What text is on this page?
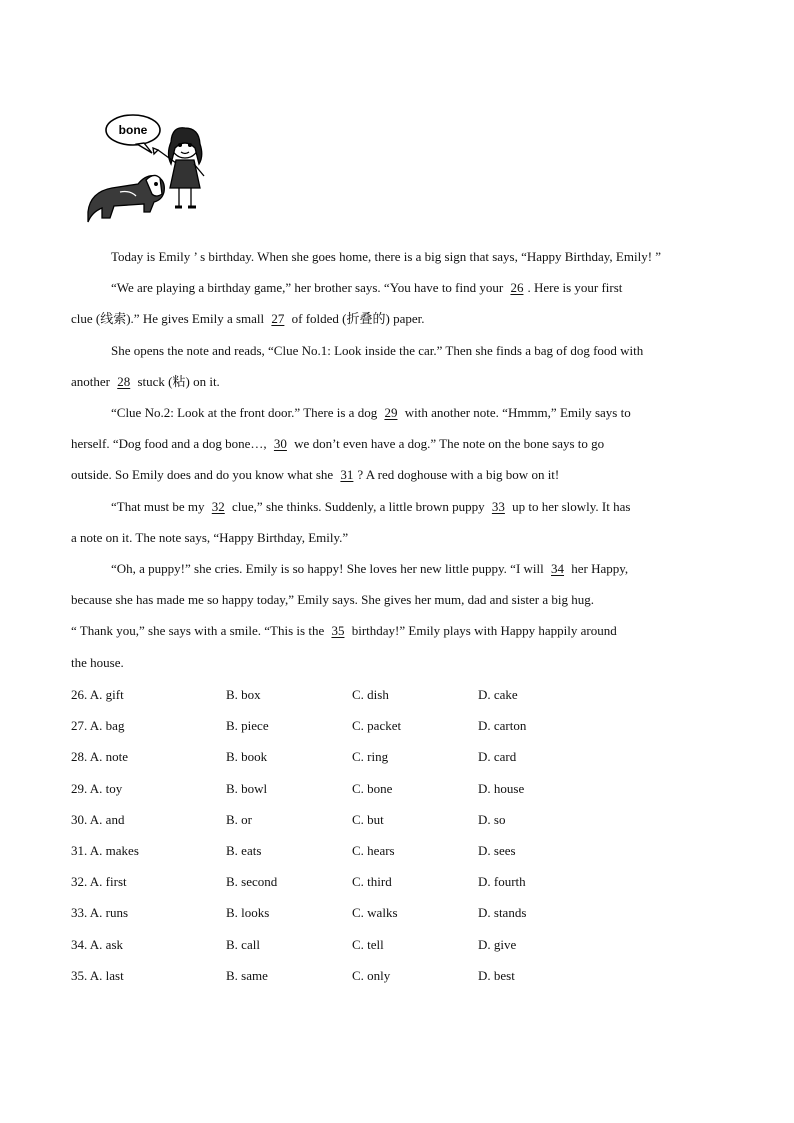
bone

Today is Emily ’ s birthday. When she goes home, there is a big sign that says, “Happy Birthday, Emily! ”

“We are playing a birthday game,” her brother says. “You have to find your 26 . Here is your first

clue (线索).” He gives Emily a small 27 of folded (折叠的) paper.

She opens the note and reads, “Clue No.1: Look inside the car.” Then she finds a bag of dog food with

another 28 stuck (粘) on it.

“Clue No.2: Look at the front door.” There is a dog 29 with another note. “Hmmm,” Emily says to

herself. “Dog food and a dog bone…, 30 we don’t even have a dog.” The note on the bone says to go

outside. So Emily does and do you know what she 31 ? A red doghouse with a big bow on it!

“That must be my 32 clue,” she thinks. Suddenly, a little brown puppy 33 up to her slowly. It has

a note on it. The note says, “Happy Birthday, Emily.”

“Oh, a puppy!” she cries. Emily is so happy! She loves her new little puppy. “I will 34 her Happy,

because she has made me so happy today,” Emily says. She gives her mum, dad and sister a big hug.

“ Thank you,” she says with a smile. “This is the 35 birthday!” Emily plays with Happy happily around

the house.

26. A. gift	B. box	C. dish	D. cake
27. A. bag	B. piece	C. packet	D. carton
28. A. note	B. book	C. ring	D. card
29. A. toy	B. bowl	C. bone	D. house
30. A. and	B. or	C. but	D. so
31. A. makes	B. eats	C. hears	D. sees
32. A. first	B. second	C. third	D. fourth
33. A. runs	B. looks	C. walks	D. stands
34. A. ask	B. call	C. tell	D. give
35. A. last	B. same	C. only	D. best
